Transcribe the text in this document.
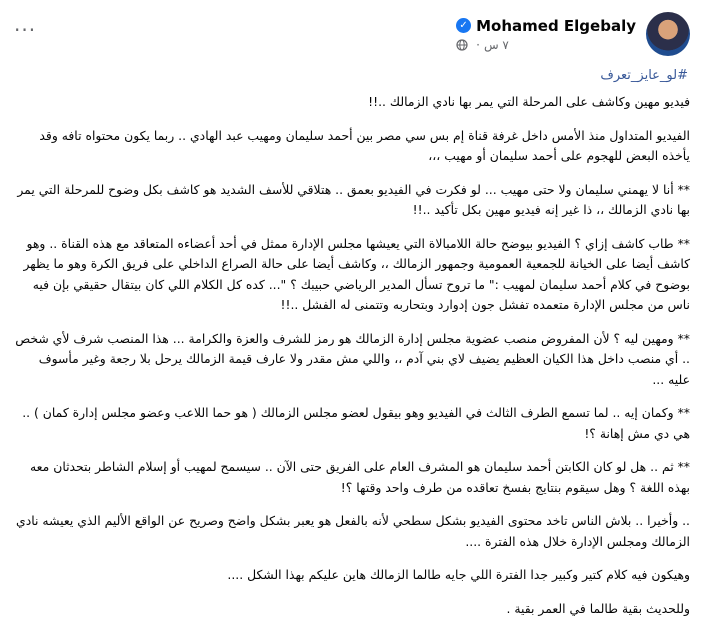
✓ Mohamed Elgebaly
٧ س
·
···
#لو_عايز_تعرف

فيديو مهين وكاشف على المرحلة التي يمر بها نادي الزمالك ..!!

الفيديو المتداول منذ الأمس داخل غرفة قناة إم بس سي مصر بين أحمد سليمان ومهيب عبد الهادي .. ربما يكون محتواه تافه وقد يأخذه البعض للهجوم على أحمد سليمان أو مهيب ،،،

** أنا لا يهمني سليمان ولا حتى مهيب ... لو فكرت في الفيديو بعمق .. هتلاقي للأسف الشديد هو كاشف بكل وضوح للمرحلة التي يمر بها نادي الزمالك ،، ذا غير إنه فيديو مهين بكل تأكيد ..!!

** طاب كاشف إزاي ؟ الفيديو بيوضح حالة اللامبالاة التي يعيشها مجلس الإدارة ممثل في أحد أعضاءه المتعاقد مع هذه القناة .. وهو كاشف أيضا على الخيانة للجمعية العمومية وجمهور الزمالك ،، وكاشف أيضا على حالة الصراع الداخلي على فريق الكرة وهو ما يظهر بوضوح في كلام أحمد سليمان لمهيب :" ما تروح تسأل المدير الرياضي حبيبك ؟ "... كده كل الكلام اللي كان بيتقال حقيقي بإن فيه ناس من مجلس الإدارة متعمده تفشل جون إدوارد وبتحاربه وتتمنى له الفشل ..!!

** ومهين ليه ؟ لأن المفروض منصب عضوية مجلس إدارة الزمالك هو رمز للشرف والعزة والكرامة ... هذا المنصب شرف لأي شخص .. أي منصب داخل هذا الكيان العظيم يضيف لاي بني آدم ،، واللي مش مقدر ولا عارف قيمة الزمالك يرحل بلا رجعة وغير مأسوف عليه ...

** وكمان إيه .. لما تسمع الطرف الثالث في الفيديو وهو بيقول لعضو مجلس الزمالك ( هو حما اللاعب وعضو مجلس إدارة كمان ) .. هي دي مش إهانة ؟!

** ثم .. هل لو كان الكابتن أحمد سليمان هو المشرف العام على الفريق حتى الآن .. سيسمح لمهيب أو إسلام الشاطر بتحدثان معه بهذه اللغة ؟ وهل سيقوم بنتايج بفسخ تعاقده من طرف واحد وقتها ؟!

.. وأخيرا .. بلاش الناس تاخد محتوى الفيديو بشكل سطحي لأنه بالفعل هو يعبر بشكل واضح وصريح عن الواقع الأليم الذي يعيشه نادي الزمالك ومجلس الإدارة خلال هذه الفترة ....

وهيكون فيه كلام كتير وكبير جدا الفترة اللي جايه طالما الزمالك هاين عليكم بهذا الشكل ....

وللحديث بقية طالما في العمر بقية .
